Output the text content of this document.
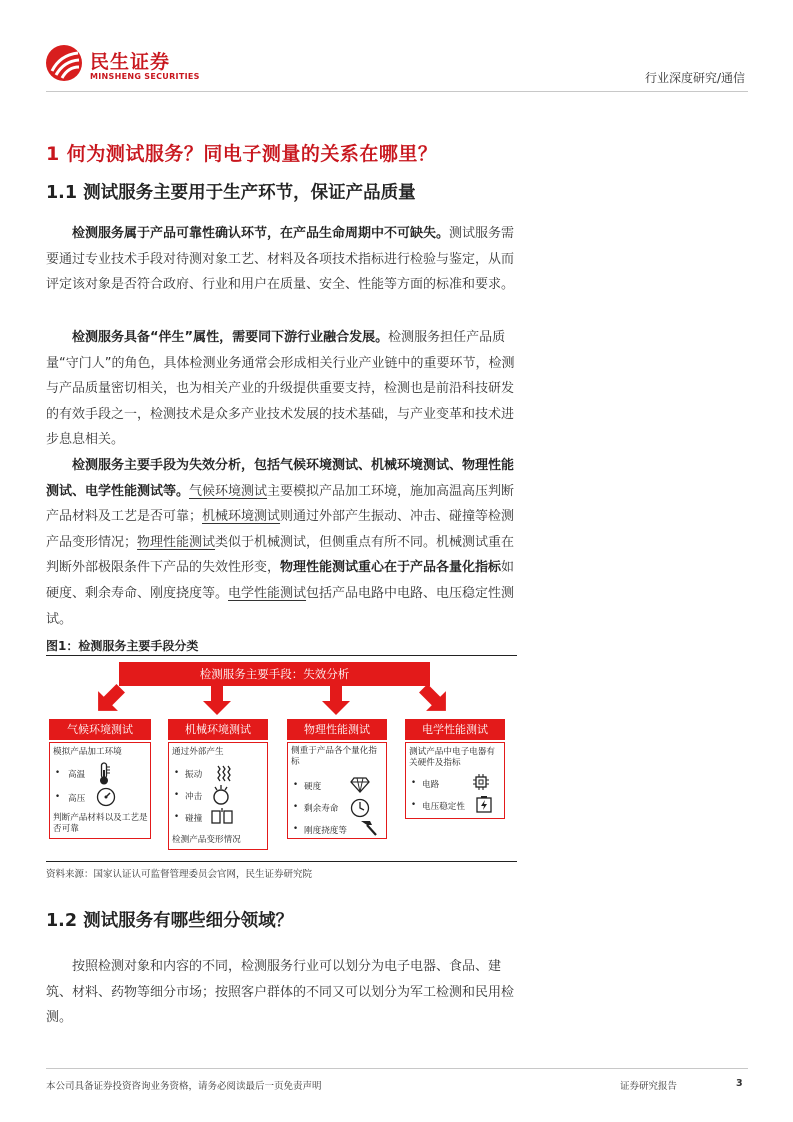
民生证券
MINSHENG SECURITIES	行业深度研究/通信
1 何为测试服务？同电子测量的关系在哪里？
1.1 测试服务主要用于生产环节，保证产品质量

检测服务属于产品可靠性确认环节，在产品生命周期中不可缺失。测试服务需要通过专业技术手段对待测对象工艺、材料及各项技术指标进行检验与鉴定，从而评定该对象是否符合政府、行业和用户在质量、安全、性能等方面的标准和要求。

检测服务具备“伴生”属性，需要同下游行业融合发展。检测服务担任产品质量“守门人”的角色，具体检测业务通常会形成相关行业产业链中的重要环节，检测与产品质量密切相关，也为相关产业的升级提供重要支持，检测也是前沿科技研发的有效手段之一，检测技术是众多产业技术发展的技术基础，与产业变革和技术进步息息相关。

检测服务主要手段为失效分析，包括气候环境测试、机械环境测试、物理性能测试、电学性能测试等。气候环境测试主要模拟产品加工环境，施加高温高压判断产品材料及工艺是否可靠；机械环境测试则通过外部产生振动、冲击、碰撞等检测产品变形情况；物理性能测试类似于机械测试，但侧重点有所不同。机械测试重在判断外部极限条件下产品的失效性形变，物理性能测试重心在于产品各量化指标如硬度、剩余寿命、刚度挠度等。电学性能测试包括产品电路中电路、电压稳定性测试。

图1：检测服务主要手段分类
检测服务主要手段：失效分析
气候环境测试
模拟产品加工环境
• 高温
• 高压
判断产品材料以及工艺是否可靠
机械环境测试
通过外部产生
• 振动
• 冲击
• 碰撞
检测产品变形情况
物理性能测试
侧重于产品各个量化指标
• 硬度
• 剩余寿命
• 刚度挠度等
电学性能测试
测试产品中电子电器有关硬件及指标
• 电路
• 电压稳定性
资料来源：国家认证认可监督管理委员会官网，民生证券研究院
1.2 测试服务有哪些细分领域？

按照检测对象和内容的不同，检测服务行业可以划分为电子电器、食品、建筑、材料、药物等细分市场；按照客户群体的不同又可以划分为军工检测和民用检测。

本公司具备证券投资咨询业务资格，请务必阅读最后一页免责声明	证券研究报告	3
